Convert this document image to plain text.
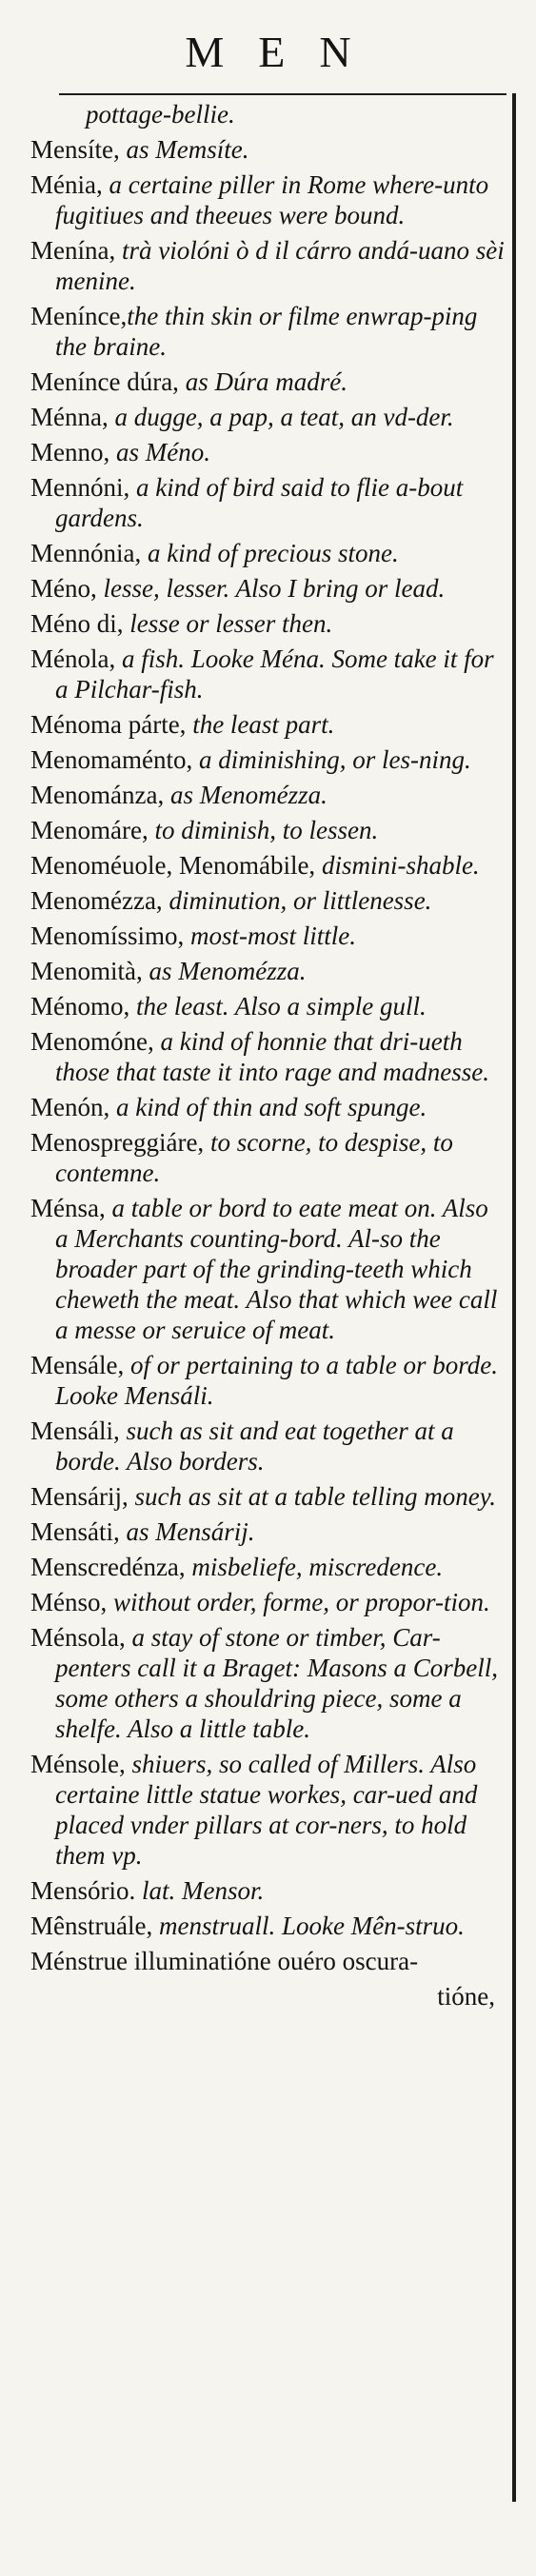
MEN
pottage-bellie.
Mensíte, as Memsíte.
Ménia, a certaine piller in Rome where-unto fugitiues and theeues were bound.
Menína, trà violóni ò d il cárro andá-uano sèi menine.
Menínce,the thin skin or filme enwrap-ping the braine.
Menínce dúra, as Dúra madré.
Ménna, a dugge, a pap, a teat, an vd-der.
Menno, as Méno.
Mennóni, a kind of bird said to flie a-bout gardens.
Mennónia, a kind of precious stone.
Méno, lesse, lesser. Also I bring or lead.
Méno di, lesse or lesser then.
Ménola, a fish. Looke Ména. Some take it for a Pilchar-fish.
Ménoma párte, the least part.
Menomaménto, a diminishing, or les-ning.
Menománza, as Menomézza.
Menomáre, to diminish, to lessen.
Menoméuole, Menomábile, dismini-shable.
Menomézza, diminution, or littlenesse.
Menomíssimo, most-most little.
Menomità, as Menomézza.
Ménomo, the least. Also a simple gull.
Menomóne, a kind of honnie that dri-ueth those that taste it into rage and madnesse.
Menón, a kind of thin and soft spunge.
Menospreggiáre, to scorne, to despise, to contemne.
Ménsa, a table or bord to eate meat on. Also a Merchants counting-bord. Al-so the broader part of the grinding-teeth which cheweth the meat. Also that which wee call a messe or seruice of meat.
Mensále, of or pertaining to a table or borde. Looke Mensáli.
Mensáli, such as sit and eat together at a borde. Also borders.
Mensárij, such as sit at a table telling money.
Mensáti, as Mensárij.
Menscredénza, misbeliefe, miscredence.
Ménso, without order, forme, or propor-tion.
Ménsola, a stay of stone or timber, Car-penters call it a Braget: Masons a Corbell, some others a shouldring piece, some a shelfe. Also a little table.
Ménsole, shiuers, so called of Millers. Also certaine little statue workes, car-ued and placed vnder pillars at cor-ners, to hold them vp.
Mensório. lat. Mensor.
Mênstruále, menstruall. Looke Mên-struo.
Ménstrue illuminatióne ouéro oscura-
tióne,
